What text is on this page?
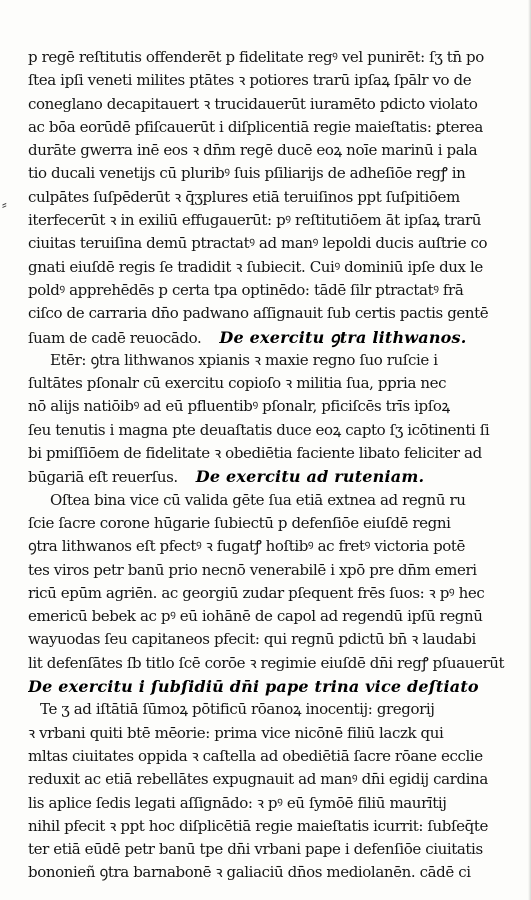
⸗
p regē reſtitutis offenderēt p fidelitate regꝰ vel punirēt: ſʒ tn̄ po
ſtea ipſi veneti milites ptātes ꝛ potiores trarū ipſaꝝ ſpālr vo de
coneglano decapitauert ꝛ trucidauerūt iuramēto pdicto violato
ac bōa eorūdē pfiſcauerūt i diſplicentiā regie maieſtatis: ꝑterea
durāte gwerra inē eos ꝛ dn̄m regē ducē eoꝝ noīe marinū i pala
tio ducali venetijs cū pluribꝰ ſuis pſiliarijs de adheſiōe regꝭ in
culpātes ſuſpēderūt ꝛ q̄ʒplures etiā teruiſinos ppt ſuſpitiōem
iterfecerūt ꝛ in exiliū effugauerūt: pꝰ reſtitutiōem āt ipſaꝝ trarū
ciuitas teruiſina demū ptractatꝰ ad manꝰ lepoldi ducis auſtrie co
gnati eiuſdē regis ſe tradidit ꝛ ſubiecit. Cuiꝰ dominiū ipſe dux le
poldꝰ apprehēdēs p certa tpa optinēdo: tādē ſilr ptractatꝰ frā
ciſco de carraria dn̄o padwano aſſignauit ſub certis pactis gentē
ſuam de cadē reuocādo. De exercitu ꝯtra lithwanos.
Etēr: ꝯtra lithwanos xpianis ꝛ maxie regno ſuo ruſcie i
ſultātes pſonalr cū exercitu copioſo ꝛ militia ſua, ppria nec
nō alijs natiōibꝰ ad eū pfluentibꝰ pſonalr, pficiſcēs trīs ipſoꝝ
ſeu tenutis i magna pte deuaſtatis duce eoꝝ capto ſʒ icōtinenti ſi
bi pmiſſiōem de fidelitate ꝛ obediētia faciente libato feliciter ad
būgariā eſt reuerſus. De exercitu ad ruteniam.
Oſtea bina vice cū valida gēte ſua etiā extnea ad regnū ru
ſcie ſacre corone hūgarie ſubiectū p defenſiōe eiuſdē regni
ꝯtra lithwanos eſt pfectꝰ ꝛ fugatꝭ hoſtibꝰ ac fretꝰ victoria potē
tes viros petr banū prio necnō venerabilē i xpō pre dn̄m emeri
ricū epūm agriēn. ac georgiū zudar pſequent frēs ſuos: ꝛ pꝰ hec
emericū bebek ac pꝰ eū iohānē de capol ad regendū ipſū regnū
wayuodas ſeu capitaneos pfecit: qui regnū pdictū bn̄ ꝛ laudabi
lit defenſātes ſb titlo ſcē corōe ꝛ regimie eiuſdē dn̄i regꝭ pſuauerūt
De exercitu i ſubſidiū dn̄i pape trina vice deſtiato
Te ʒ ad iſtātiā ſūmoꝝ pōtificū rōanoꝝ inocentij: gregorij
ꝛ vrbani quiti btē mēorie: prima vice nicōnē filiū laczk qui
mltas ciuitates oppida ꝛ caſtella ad obediētiā ſacre rōane ecclie
reduxit ac etiā rebellātes expugnauit ad manꝰ dn̄i egidij cardina
lis aplice ſedis legati aſſignādo: ꝛ pꝰ eū ſymōē filiū maurītij
nihil pfecit ꝛ ppt hoc diſplicētiā regie maieſtatis icurrit: ſubſeq̄te
ter etiā eūdē petr banū tpe dn̄i vrbani pape i defenſiōe ciuitatis
bononieñ ꝯtra barnabonē ꝛ galiaciū dn̄os mediolanēn. cādē ci
